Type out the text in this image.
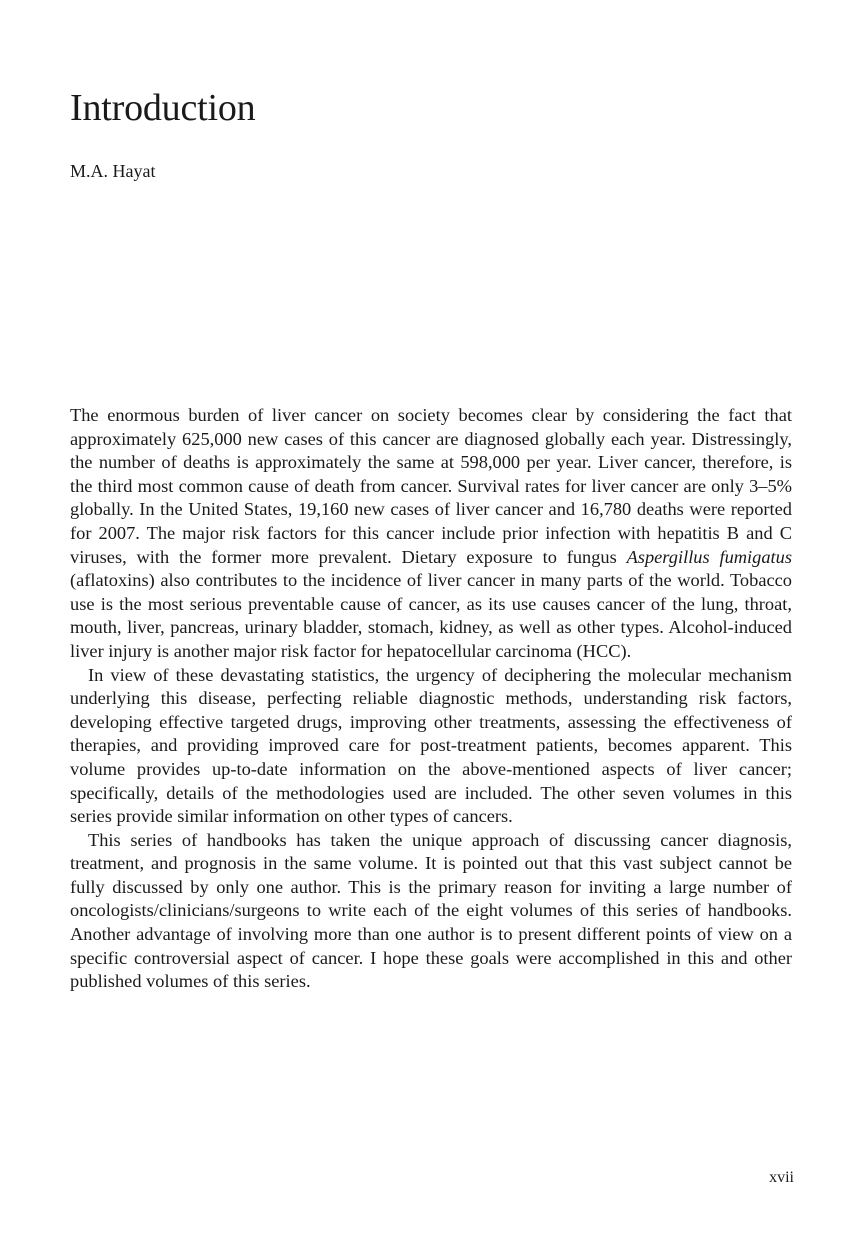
Introduction

M.A. Hayat

The enormous burden of liver cancer on society becomes clear by considering the fact that approximately 625,000 new cases of this cancer are diagnosed globally each year. Distressingly, the number of deaths is approximately the same at 598,000 per year. Liver cancer, therefore, is the third most common cause of death from cancer. Survival rates for liver cancer are only 3–5% globally. In the United States, 19,160 new cases of liver cancer and 16,780 deaths were reported for 2007. The major risk factors for this cancer include prior infection with hepatitis B and C viruses, with the former more prevalent. Dietary exposure to fungus Aspergillus fumigatus (aflatoxins) also contributes to the incidence of liver cancer in many parts of the world. Tobacco use is the most serious preventable cause of cancer, as its use causes cancer of the lung, throat, mouth, liver, pancreas, urinary bladder, stomach, kidney, as well as other types. Alcohol-induced liver injury is another major risk factor for hepatocellular carcinoma (HCC).

In view of these devastating statistics, the urgency of deciphering the molecular mechanism underlying this disease, perfecting reliable diagnostic methods, understanding risk factors, developing effective targeted drugs, improving other treatments, assessing the effectiveness of therapies, and providing improved care for post-treatment patients, becomes apparent. This volume provides up-to-date information on the above-mentioned aspects of liver cancer; specifically, details of the methodologies used are included. The other seven volumes in this series provide similar information on other types of cancers.

This series of handbooks has taken the unique approach of discussing cancer diagnosis, treatment, and prognosis in the same volume. It is pointed out that this vast subject cannot be fully discussed by only one author. This is the primary reason for inviting a large number of oncologists/clinicians/surgeons to write each of the eight volumes of this series of handbooks. Another advantage of involving more than one author is to present different points of view on a specific controversial aspect of cancer. I hope these goals were accomplished in this and other published volumes of this series.

xvii
